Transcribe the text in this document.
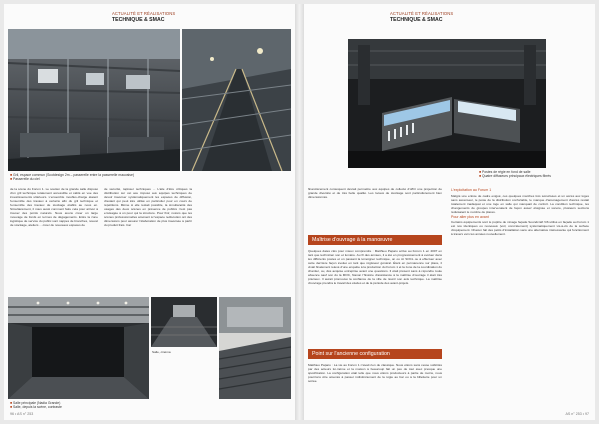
ACTUALITÉ ET RÉALISATIONS
TECHNIQUE & SMAC
■ Gril, espace commun (Scotdesign 2m – passerelle entre la passerelle mauvaise)
■ Passerelle du ciel
de la scène du Forum 1. Le soutien de la grande salle disposé d'un gril technique totalement accessible et cablé en vue des investissements ultérieurs. L'ensemble moufles-charge étaient l'ensemble des travaux à certains afin du gril technique et l'ensemble des travaux de stockage établis au nous en. Simultanément, il nous aussi comment faire cela pour arriver à trouver des points naturels. Nous avons créer un large mouvage de fonds en termes de dégagements. Entre la zone logistique de service du public sont nappes de branches, nouvel de stockage, ateliers ... créer de nouveaux espaces de
de sécurité, tapisser techniques ... L'aile d'être critiques la distribution sur cet axe imposé aux équipes techniques de devoir traverser systématiquement les espaces de diffusion, d'autant qui peut être utilisé en particulier pour en cours de répétitions. Même si elle restait possible, la simultanéité des usages des deux scènes en présence de publics n'est pas envisagée à un pour qui la structure. Pour finir, notons que les scènes professionnelles amènent à l'espace rediscution ont des dimensions pour assurer l'élaboration de plus traversée à partir du produit frais. Car
■ Salle principale (Nadia Grande)
■ Salle, depuis la scène, contraste
Salle, cinéma
96 • AS n° 253
ACTUALITÉ ET RÉALISATIONS
TECHNIQUE & SMAC
■ Postes de régie en fond de salle
■ Quatre diffuseurs principaux électriques fibrés
financièrement conséquent devrait permettre aux équipes de collecté d'offrir une projection de grande diversité et de très belle qualité. Les locaux de stockage sont particulièrement bien dimensionnés.
Maîtrise d'ouvrage à la manœuvre
Quelques dates clés pour mieux comprendre : Matthieu Paparo arrivé au Forum 1 en 2007 en tant que technicien son et lumière. Au fil des années, il a été en progressivement à évoluer dans les différents postes et on passant la témoigner technique, on ou ici SOCL ou à effectuer avec cette dernière façon évolué en tant que régisseur général. Étant en permanence sur place, il vivait finalement relevé d'une enquête à la production du Forum 1 et la zone de la coordination du chantier, ou, dès acquise entreprise avant une questions. Il était présent sans à répondre toute absence sauf son du la MOC, Nanon l'histoire d'assistance à la maîtrise d'ouvrage il était très précieux. Il aurait promouvé la confiance de la ville de réunir son avis technique. La maîtrise d'ouvrage prendra le travail des études et de la période des avant-projets.
Point sur l'ancienne configuration
Matthieu Paparo : La vie au Forum 1 n'avait rien de classique. Nous étions sans cesse sollicités par des acteurs lui-même et la maison à beaucoup fait un peu de tout avec presque une spécification. La configuration était telle que nous étions producteurs à partie de moins, nous pourrions être amenés à passer indistinctement de la régie au bar ou à la billetterie pour un soirée.
L'exploitation au Forum 1
Malgré une entrée de cadre exiguë, ces quelques marches très sécurisées et un accès aux loges sans ascenseur, le poste de la distribution confortable, le manque d'aménagement d'accès restait totalement inadéquat et une loge en salle qui manquait de confort. La condition technique, les changements de groupes intervenaient de façon assez éloignée et sonore, plusieurs sections réduisaient le nombre de places.
Pour aller plus en avant
Certains équipements sont le pupitre de mixage façade Soundcraft Vi6 utilisé en façade au Forum 1 est nos identiques ou nouveaux (voir, concrètement) systématiquement vis-à-vis de la surface d'équipement. Chacun fait des petits d'installation sans une alternative intéressante qui fonctionnent à travers vers les années nouvellement.
AS n° 253 • 97
